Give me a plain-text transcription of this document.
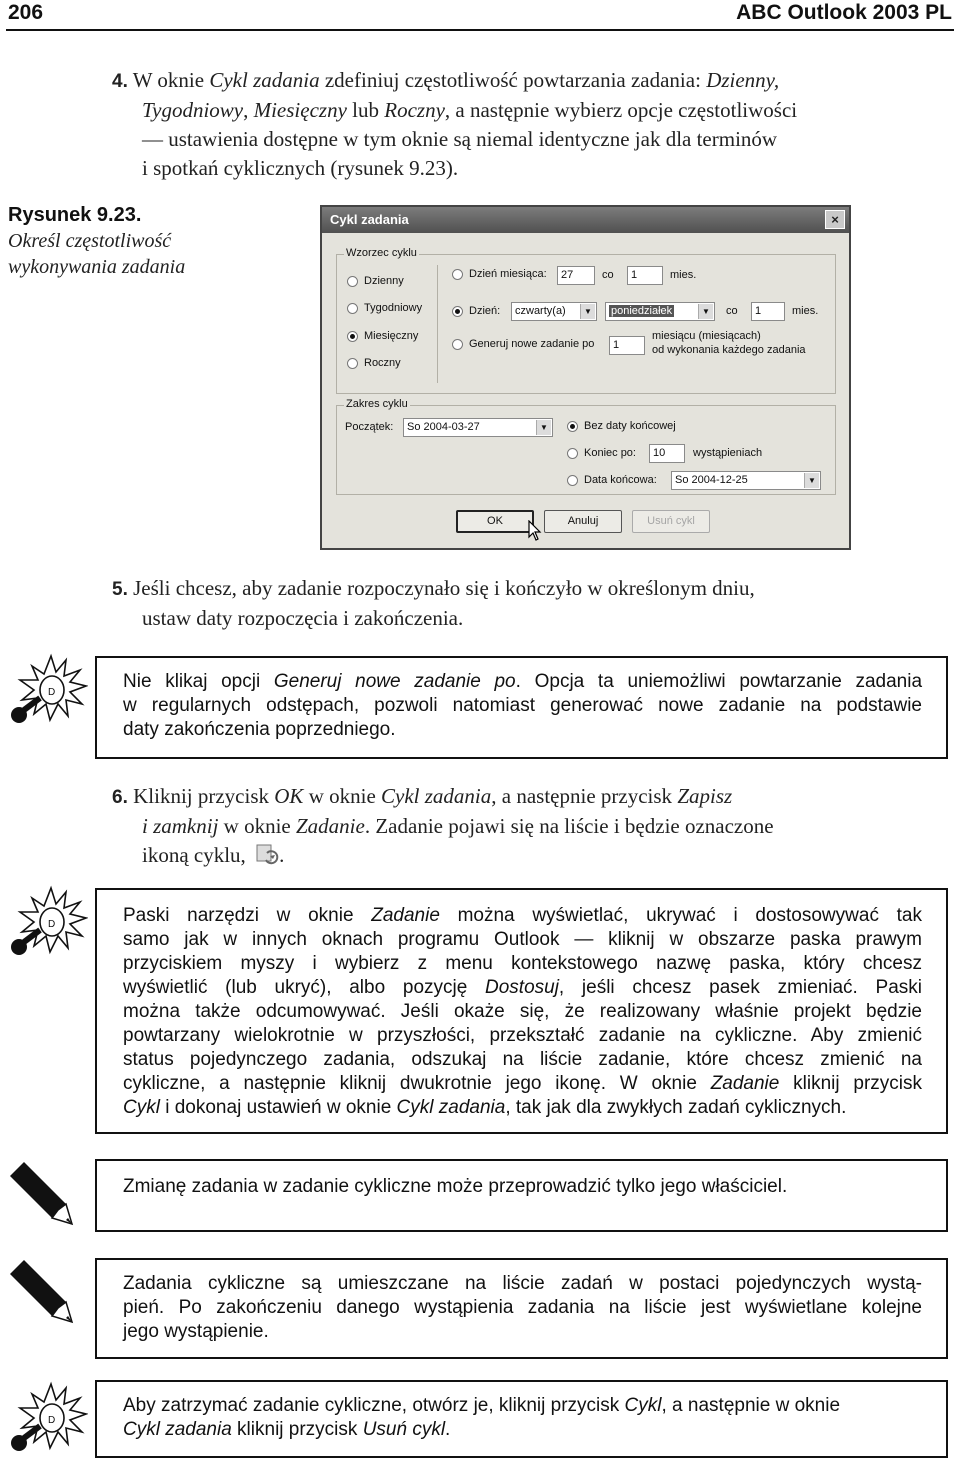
206	ABC Outlook 2003 PL
4. W oknie Cykl zadania zdefiniuj częstotliwość powtarzania zadania: Dzienny,
Tygodniowy, Miesięczny lub Roczny, a następnie wybierz opcje częstotliwości
— ustawienia dostępne w tym oknie są niemal identyczne jak dla terminów
i spotkań cyklicznych (rysunek 9.23).
Rysunek 9.23.
Określ częstotliwość wykonywania zadania
Cykl zadania	×
Wzorzec cyklu
Dzienny
Tygodniowy
Miesięczny
Roczny
Dzień miesiąca:	27	co	1	mies.
Dzień:	czwarty(a)	▼	poniedziałek	▼ co	1	mies.
Generuj nowe zadanie po	1
miesiącu (miesiącach)
od wykonania każdego zadania
Zakres cyklu
Początek:	So 2004-03-27	▼	Bez daty końcowej
Koniec po:	10	wystąpieniach
Data końcowa:	So 2004-12-25	▼
OK	Anuluj	Usuń cykl
5. Jeśli chcesz, aby zadanie rozpoczynało się i kończyło w określonym dniu,
ustaw daty rozpoczęcia i zakończenia.
D
Nie klikaj opcji Generuj nowe zadanie po. Opcja ta uniemożliwi powtarzanie zadania
w regularnych odstępach, pozwoli natomiast generować nowe zadanie na podstawie
daty zakończenia poprzedniego.
6. Kliknij przycisk OK w oknie Cykl zadania, a następnie przycisk Zapisz
i zamknij w oknie Zadanie. Zadanie pojawi się na liście i będzie oznaczone
ikoną cyklu, .
D	Paski narzędzi w oknie Zadanie można wyświetlać, ukrywać i dostosowywać tak
samo jak w innych oknach programu Outlook — kliknij w obszarze paska prawym
przyciskiem myszy i wybierz z menu kontekstowego nazwę paska, który chcesz
wyświetlić (lub ukryć), albo pozycję Dostosuj, jeśli chcesz pasek zmieniać. Paski
można także odcumowywać. Jeśli okaże się, że realizowany właśnie projekt będzie
powtarzany wielokrotnie w przyszłości, przekształć zadanie na cykliczne. Aby zmienić
status pojedynczego zadania, odszukaj na liście zadanie, które chcesz zmienić na
cykliczne, a następnie kliknij dwukrotnie jego ikonę. W oknie Zadanie kliknij przycisk
Cykl i dokonaj ustawień w oknie Cykl zadania, tak jak dla zwykłych zadań cyklicznych.
Zmianę zadania w zadanie cykliczne może przeprowadzić tylko jego właściciel.
Zadania cykliczne są umieszczane na liście zadań w postaci pojedynczych wystą-
pień. Po zakończeniu danego wystąpienia zadania na liście jest wyświetlane kolejne
jego wystąpienie.
D
Aby zatrzymać zadanie cykliczne, otwórz je, kliknij przycisk Cykl, a następnie w oknie
Cykl zadania kliknij przycisk Usuń cykl.
